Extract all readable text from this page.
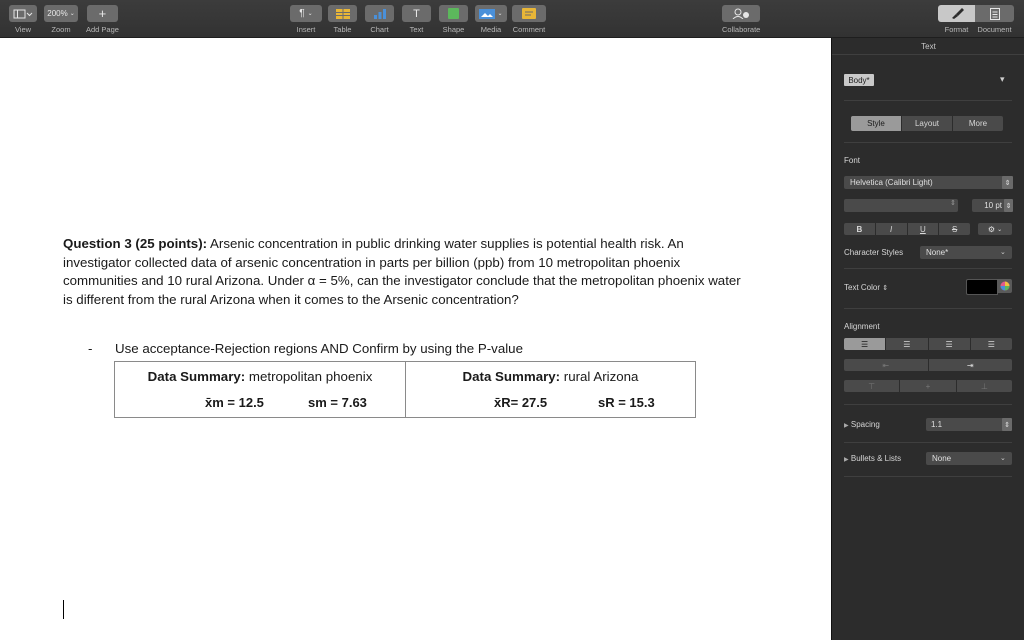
View
200% ⌄
Zoom
+
Add Page
¶ ⌄
Insert Table	Chart
T
Text	Shape
⌄
Media Comment	Collaborate	Format Document
Question 3 (25 points): Arsenic concentration in public drinking water supplies is potential health risk. An investigator collected data of arsenic concentration in parts per billion (ppb) from 10 metropolitan phoenix communities and 10 rural Arizona. Under α = 5%, can the investigator conclude that the metropolitan phoenix water is different from the rural Arizona when it comes to the Arsenic concentration?
- Use acceptance-Rejection regions AND Confirm by using the P-value
Data Summary: metropolitan phoenix
x̄m = 12.5	sm = 7.63
Data Summary: rural Arizona
x̄R= 27.5	sR = 15.3
Text
Body*	▾
Style	Layout	More
Font
Helvetica (Calibri Light)	⇕
⇕	10 pt ⇕
B	I	U	S	⚙ ⌄
Character Styles	None*	⌄
Text Color ⇕
Alignment
☰	☰	☰	☰
⇤	⇥
⊤	+	⊥
▶ Spacing	1.1	⇕
▶ Bullets & Lists	None	⌄
